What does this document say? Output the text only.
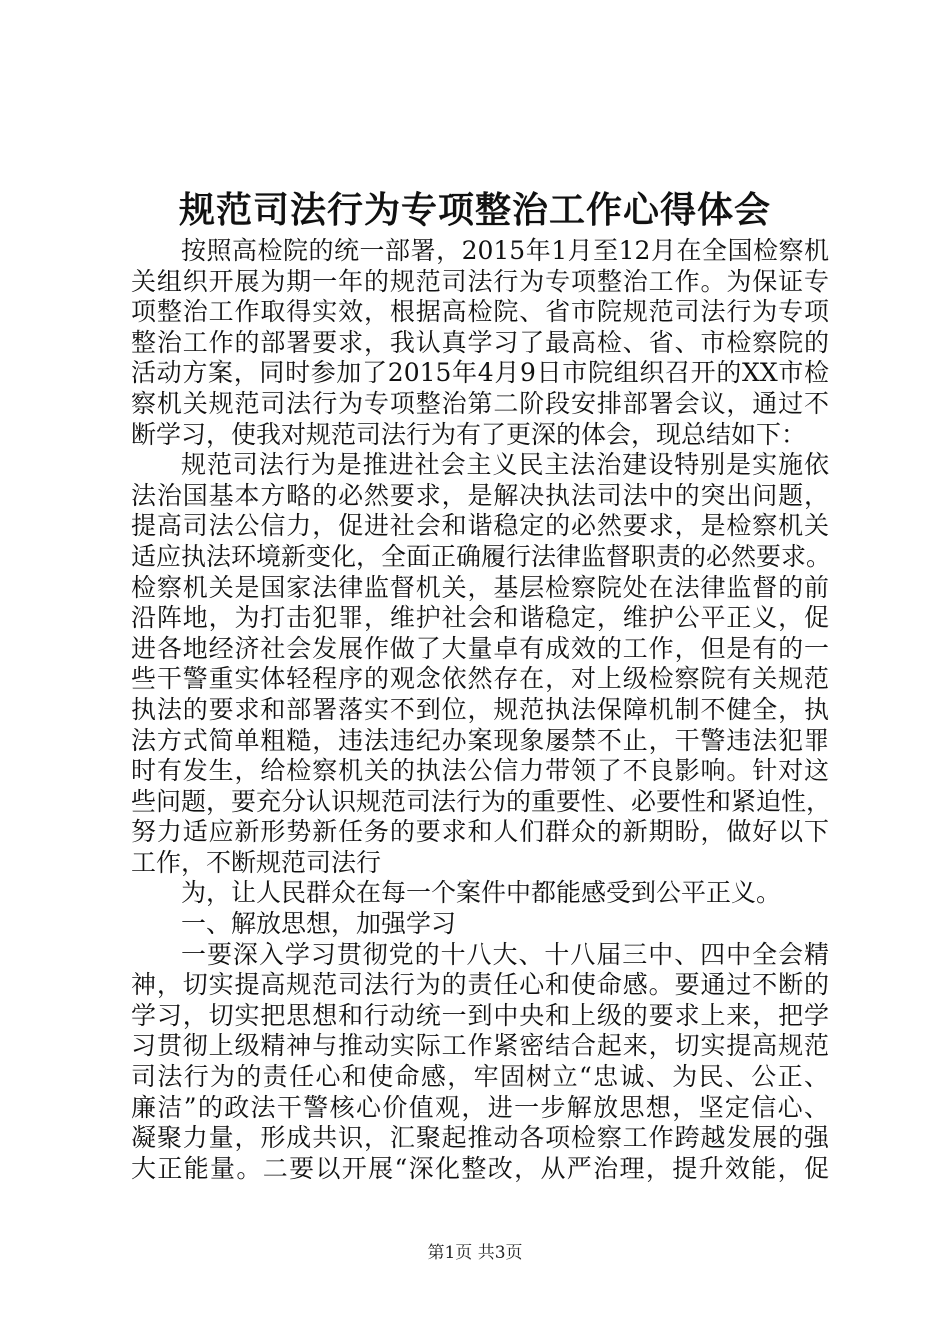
规范司法行为专项整治工作心得体会
按照高检院的统一部署，2015年1月至12月在全国检察机
关组织开展为期一年的规范司法行为专项整治工作。为保证专
项整治工作取得实效，根据高检院、省市院规范司法行为专项
整治工作的部署要求，我认真学习了最高检、省、市检察院的
活动方案，同时参加了2015年4月9日市院组织召开的XX市检
察机关规范司法行为专项整治第二阶段安排部署会议，通过不
断学习，使我对规范司法行为有了更深的体会，现总结如下：
规范司法行为是推进社会主义民主法治建设特别是实施依
法治国基本方略的必然要求，是解决执法司法中的突出问题，
提高司法公信力，促进社会和谐稳定的必然要求，是检察机关
适应执法环境新变化，全面正确履行法律监督职责的必然要求。
检察机关是国家法律监督机关，基层检察院处在法律监督的前
沿阵地，为打击犯罪，维护社会和谐稳定，维护公平正义，促
进各地经济社会发展作做了大量卓有成效的工作，但是有的一
些干警重实体轻程序的观念依然存在，对上级检察院有关规范
执法的要求和部署落实不到位，规范执法保障机制不健全，执
法方式简单粗糙，违法违纪办案现象屡禁不止，干警违法犯罪
时有发生，给检察机关的执法公信力带领了不良影响。针对这
些问题，要充分认识规范司法行为的重要性、必要性和紧迫性，
努力适应新形势新任务的要求和人们群众的新期盼，做好以下
工作，不断规范司法行
为，让人民群众在每一个案件中都能感受到公平正义。
一、解放思想，加强学习
一要深入学习贯彻党的十八大、十八届三中、四中全会精
神，切实提高规范司法行为的责任心和使命感。要通过不断的
学习，切实把思想和行动统一到中央和上级的要求上来，把学
习贯彻上级精神与推动实际工作紧密结合起来，切实提高规范
司法行为的责任心和使命感，牢固树立“忠诚、为民、公正、
廉洁”的政法干警核心价值观，进一步解放思想，坚定信心、
凝聚力量，形成共识，汇聚起推动各项检察工作跨越发展的强
大正能量。二要以开展“深化整改，从严治理，提升效能，促
第1页 共3页
